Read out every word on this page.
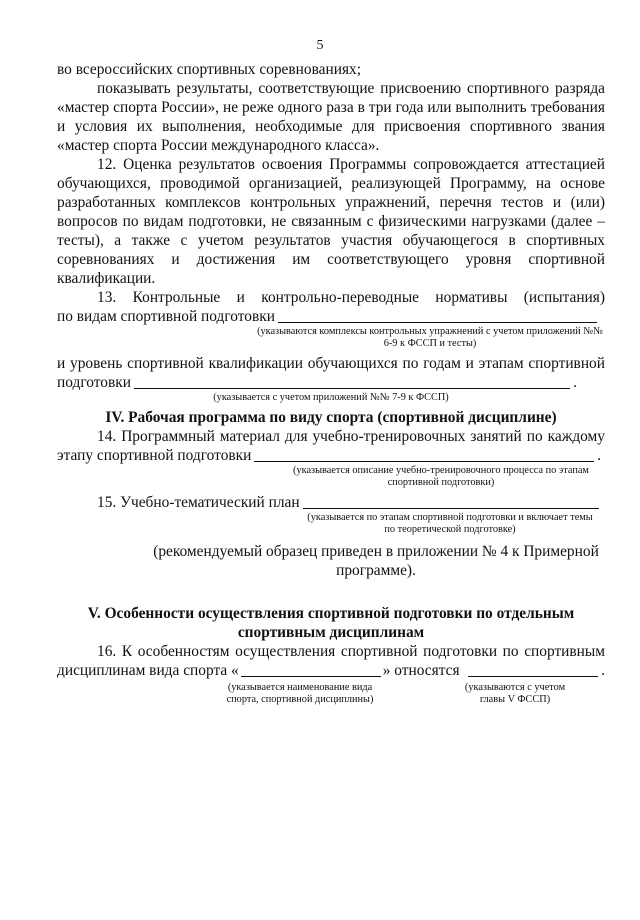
5

во всероссийских спортивных соревнованиях;

показывать результаты, соответствующие присвоению спортивного разряда «мастер спорта России», не реже одного раза в три года или выполнить требования и условия их выполнения, необходимые для присвоения спортивного звания «мастер спорта России международного класса».

12. Оценка результатов освоения Программы сопровождается аттестацией обучающихся, проводимой организацией, реализующей Программу, на основе разработанных комплексов контрольных упражнений, перечня тестов и (или) вопросов по видам подготовки, не связанным с физическими нагрузками (далее – тесты), а также с учетом результатов участия обучающегося в спортивных соревнованиях и достижения им соответствующего уровня спортивной квалификации.

13. Контрольные и контрольно-переводные нормативы (испытания)

по видам спортивной подготовки
(указываются комплексы контрольных упражнений с учетом приложений №№ 6-9 к ФССП и тесты)

и уровень спортивной квалификации обучающихся по годам и этапам спортивной

подготовки	.
(указывается с учетом приложений №№ 7-9 к ФССП)

IV. Рабочая программа по виду спорта (спортивной дисциплине)

14. Программный материал для учебно-тренировочных занятий по каждому

этапу спортивной подготовки	.
(указывается описание учебно-тренировочного процесса по этапам спортивной подготовки)
15. Учебно-тематический план
(указывается по этапам спортивной подготовки и включает темы по теоретической подготовке)

(рекомендуемый образец приведен в приложении № 4 к Примерной программе).

V. Особенности осуществления спортивной подготовки по отдельным спортивным дисциплинам

16. К особенностям осуществления спортивной подготовки по спортивным

дисциплинам вида спорта «	» относятся	.
(указывается наименование вида спорта, спортивной дисциплины)
(указываются с учетом главы V ФССП)
